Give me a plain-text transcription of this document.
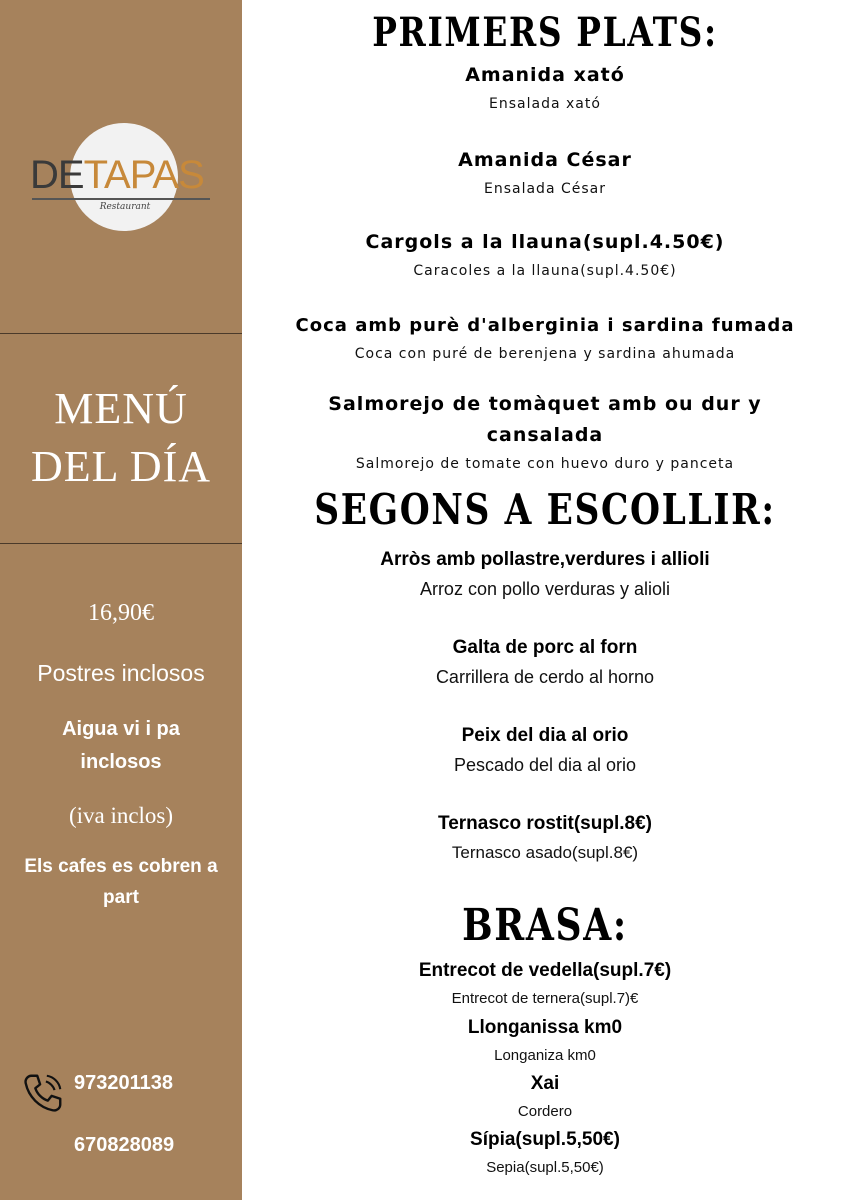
DETAPAS
Restaurant
MENÚ
DEL DÍA
16,90€
Postres inclosos
Aigua vi i pa inclosos
(iva inclos)
Els cafes es cobren a part
973201138
670828089
PRIMERS PLATS:
Amanida xató
Ensalada xató
Amanida César
Ensalada César
Cargols a la llauna(supl.4.50€)
Caracoles a la llauna(supl.4.50€)
Coca amb purè d'alberginia i sardina fumada
Coca con puré de berenjena y sardina ahumada
Salmorejo de tomàquet amb ou dur y
cansalada
Salmorejo de tomate con huevo duro y panceta
SEGONS A ESCOLLIR:
Arròs amb pollastre,verdures i allioli
Arroz con pollo verduras y alioli
Galta de porc al forn
Carrillera de cerdo al horno
Peix del dia al orio
Pescado del dia al orio
Ternasco rostit(supl.8€)
Ternasco asado(supl.8€)
BRASA:
Entrecot de vedella(supl.7€)
Entrecot de ternera(supl.7)€
Llonganissa km0
Longaniza km0
Xai
Cordero
Sípia(supl.5,50€)
Sepia(supl.5,50€)
